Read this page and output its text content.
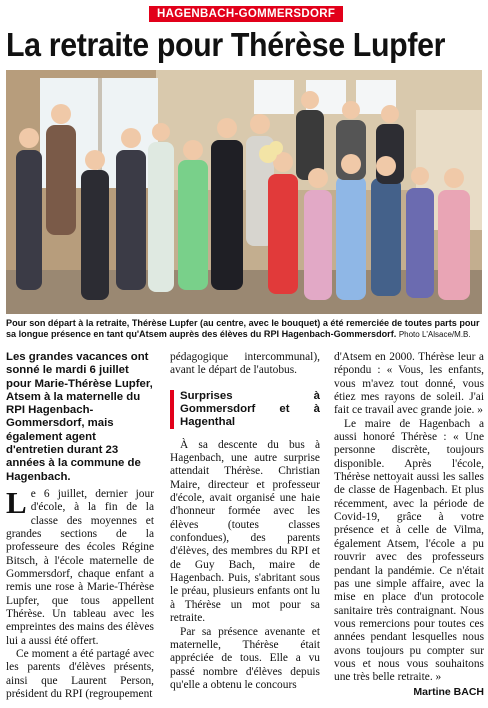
HAGENBACH-GOMMERSDORF
La retraite pour Thérèse Lupfer
Pour son départ à la retraite, Thérèse Lupfer (au centre, avec le bouquet) a été remerciée de toutes parts pour sa longue présence en tant qu'Atsem auprès des élèves du RPI Hagenbach-Gommersdorf. Photo L'Alsace/M.B.

Les grandes vacances ont sonné le mardi 6 juillet pour Marie-Thérèse Lupfer, Atsem à la maternelle du RPI Hagenbach-Gommersdorf, mais également agent d'entretien durant 23 années à la commune de Hagenbach.

Le 6 juillet, dernier jour d'école, à la fin de la classe des moyennes et grandes sections de la professeure des écoles Régine Bitsch, à l'école maternelle de Gommersdorf, chaque enfant a remis une rose à Marie-Thérèse Lupfer, que tous appellent Thérèse. Un tableau avec les empreintes des mains des élèves lui a aussi été offert.

Ce moment a été partagé avec les parents d'élèves présents, ainsi que Laurent Person, président du RPI (regroupement

pédagogique intercommunal), avant le départ de l'autobus.

Surprises à Gommersdorf et à Hagenthal

À sa descente du bus à Hagenbach, une autre surprise attendait Thérèse. Christian Maire, directeur et professeur d'école, avait organisé une haie d'honneur formée avec les élèves (toutes classes confondues), des parents d'élèves, des membres du RPI et de Guy Bach, maire de Hagenbach. Puis, s'abritant sous le préau, plusieurs enfants ont lu à Thérèse un mot pour sa retraite.

Par sa présence avenante et maternelle, Thérèse était appréciée de tous. Elle a vu passé nombre d'élèves depuis qu'elle a obtenu le concours

d'Atsem en 2000. Thérèse leur a répondu : « Vous, les enfants, vous m'avez tout donné, vous étiez mes rayons de soleil. J'ai fait ce travail avec grande joie. »

Le maire de Hagenbach a aussi honoré Thérèse : « Une personne discrète, toujours disponible. Après l'école, Thérèse nettoyait aussi les salles de classe de Hagenbach. Et plus récemment, avec la période de Covid-19, grâce à votre présence et à celle de Vilma, également Atsem, l'école a pu rouvrir avec des professeurs pendant la pandémie. Ce n'était pas une simple affaire, avec la mise en place d'un protocole sanitaire très contraignant. Nous vous remercions pour toutes ces années pendant lesquelles nous avons toujours pu compter sur vous et nous vous souhaitons une très belle retraite. »

Martine BACH
